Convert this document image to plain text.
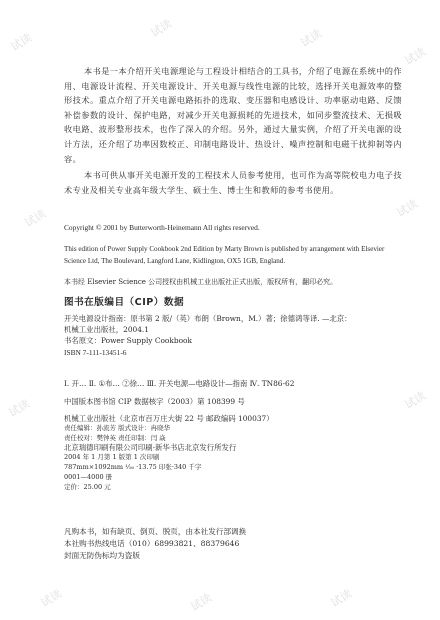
本书是一本介绍开关电源理论与工程设计相结合的工具书，介绍了电源在系统中的作用、电源设计流程、开关电源设计、开关电源与线性电源的比较，选择开关电源效率的整形技术。重点介绍了开关电源电路拓扑的选取、变压器和电感设计、功率驱动电路、反馈补偿参数的设计、保护电路，对减少开关电源损耗的先进技术，如同步整流技术、无损吸收电路、波形整形技术，也作了深入的介绍。另外，通过大量实例，介绍了开关电源的设计方法，还介绍了功率因数校正、印制电路设计、热设计、噪声控制和电磁干扰抑制等内容。

本书可供从事开关电源开发的工程技术人员参考使用，也可作为高等院校电力电子技术专业及相关专业高年级大学生、硕士生、博士生和教师的参考书使用。

Copyright © 2001 by Butterworth-Heinemann All rights reserved.

This edition of Power Supply Cookbook 2nd Edition by Marty Brown is published by arrangement with Elsevier Science Ltd, The Boulevard, Langford Lane, Kidlington, OX5 1GB, England.

本书经 Elsevier Science 公司授权由机械工业出版社正式出版，版权所有，翻印必究。

图书在版编目（CIP）数据

开关电源设计指南：原书第 2 版/（英）布朗（Brown，M.）著；徐德鸿等译. —北京：

机械工业出版社，2004.1

书名原文：Power Supply Cookbook

ISBN 7-111-13451-6

Ⅰ. 开… Ⅱ. ①布… ②徐… Ⅲ. 开关电源—电路设计—指南 Ⅳ. TN86-62

中国版本图书馆 CIP 数据核字（2003）第 108399 号

机械工业出版社（北京市百万庄大街 22 号 邮政编码 100037）

责任编辑：孙流芳 版式设计：冉晓华

责任校对：樊钟英 责任印制：闫 焱

北京瑞德印刷有限公司印刷·新华书店北京发行所发行

2004 年 1 月第 1 版第 1 次印刷

787mm×1092mm ¹⁄₁₆ ·13.75 印张·340 千字

0001—4000 册

定价：25.00 元

凡购本书，如有缺页、倒页、脱页，由本社发行部调换

本社购书热线电话（010）68993821、88379646

封面无防伪标均为盗版

试读
试读	试读
试读
试读	试读
试读	试读
试读	试读	试读
